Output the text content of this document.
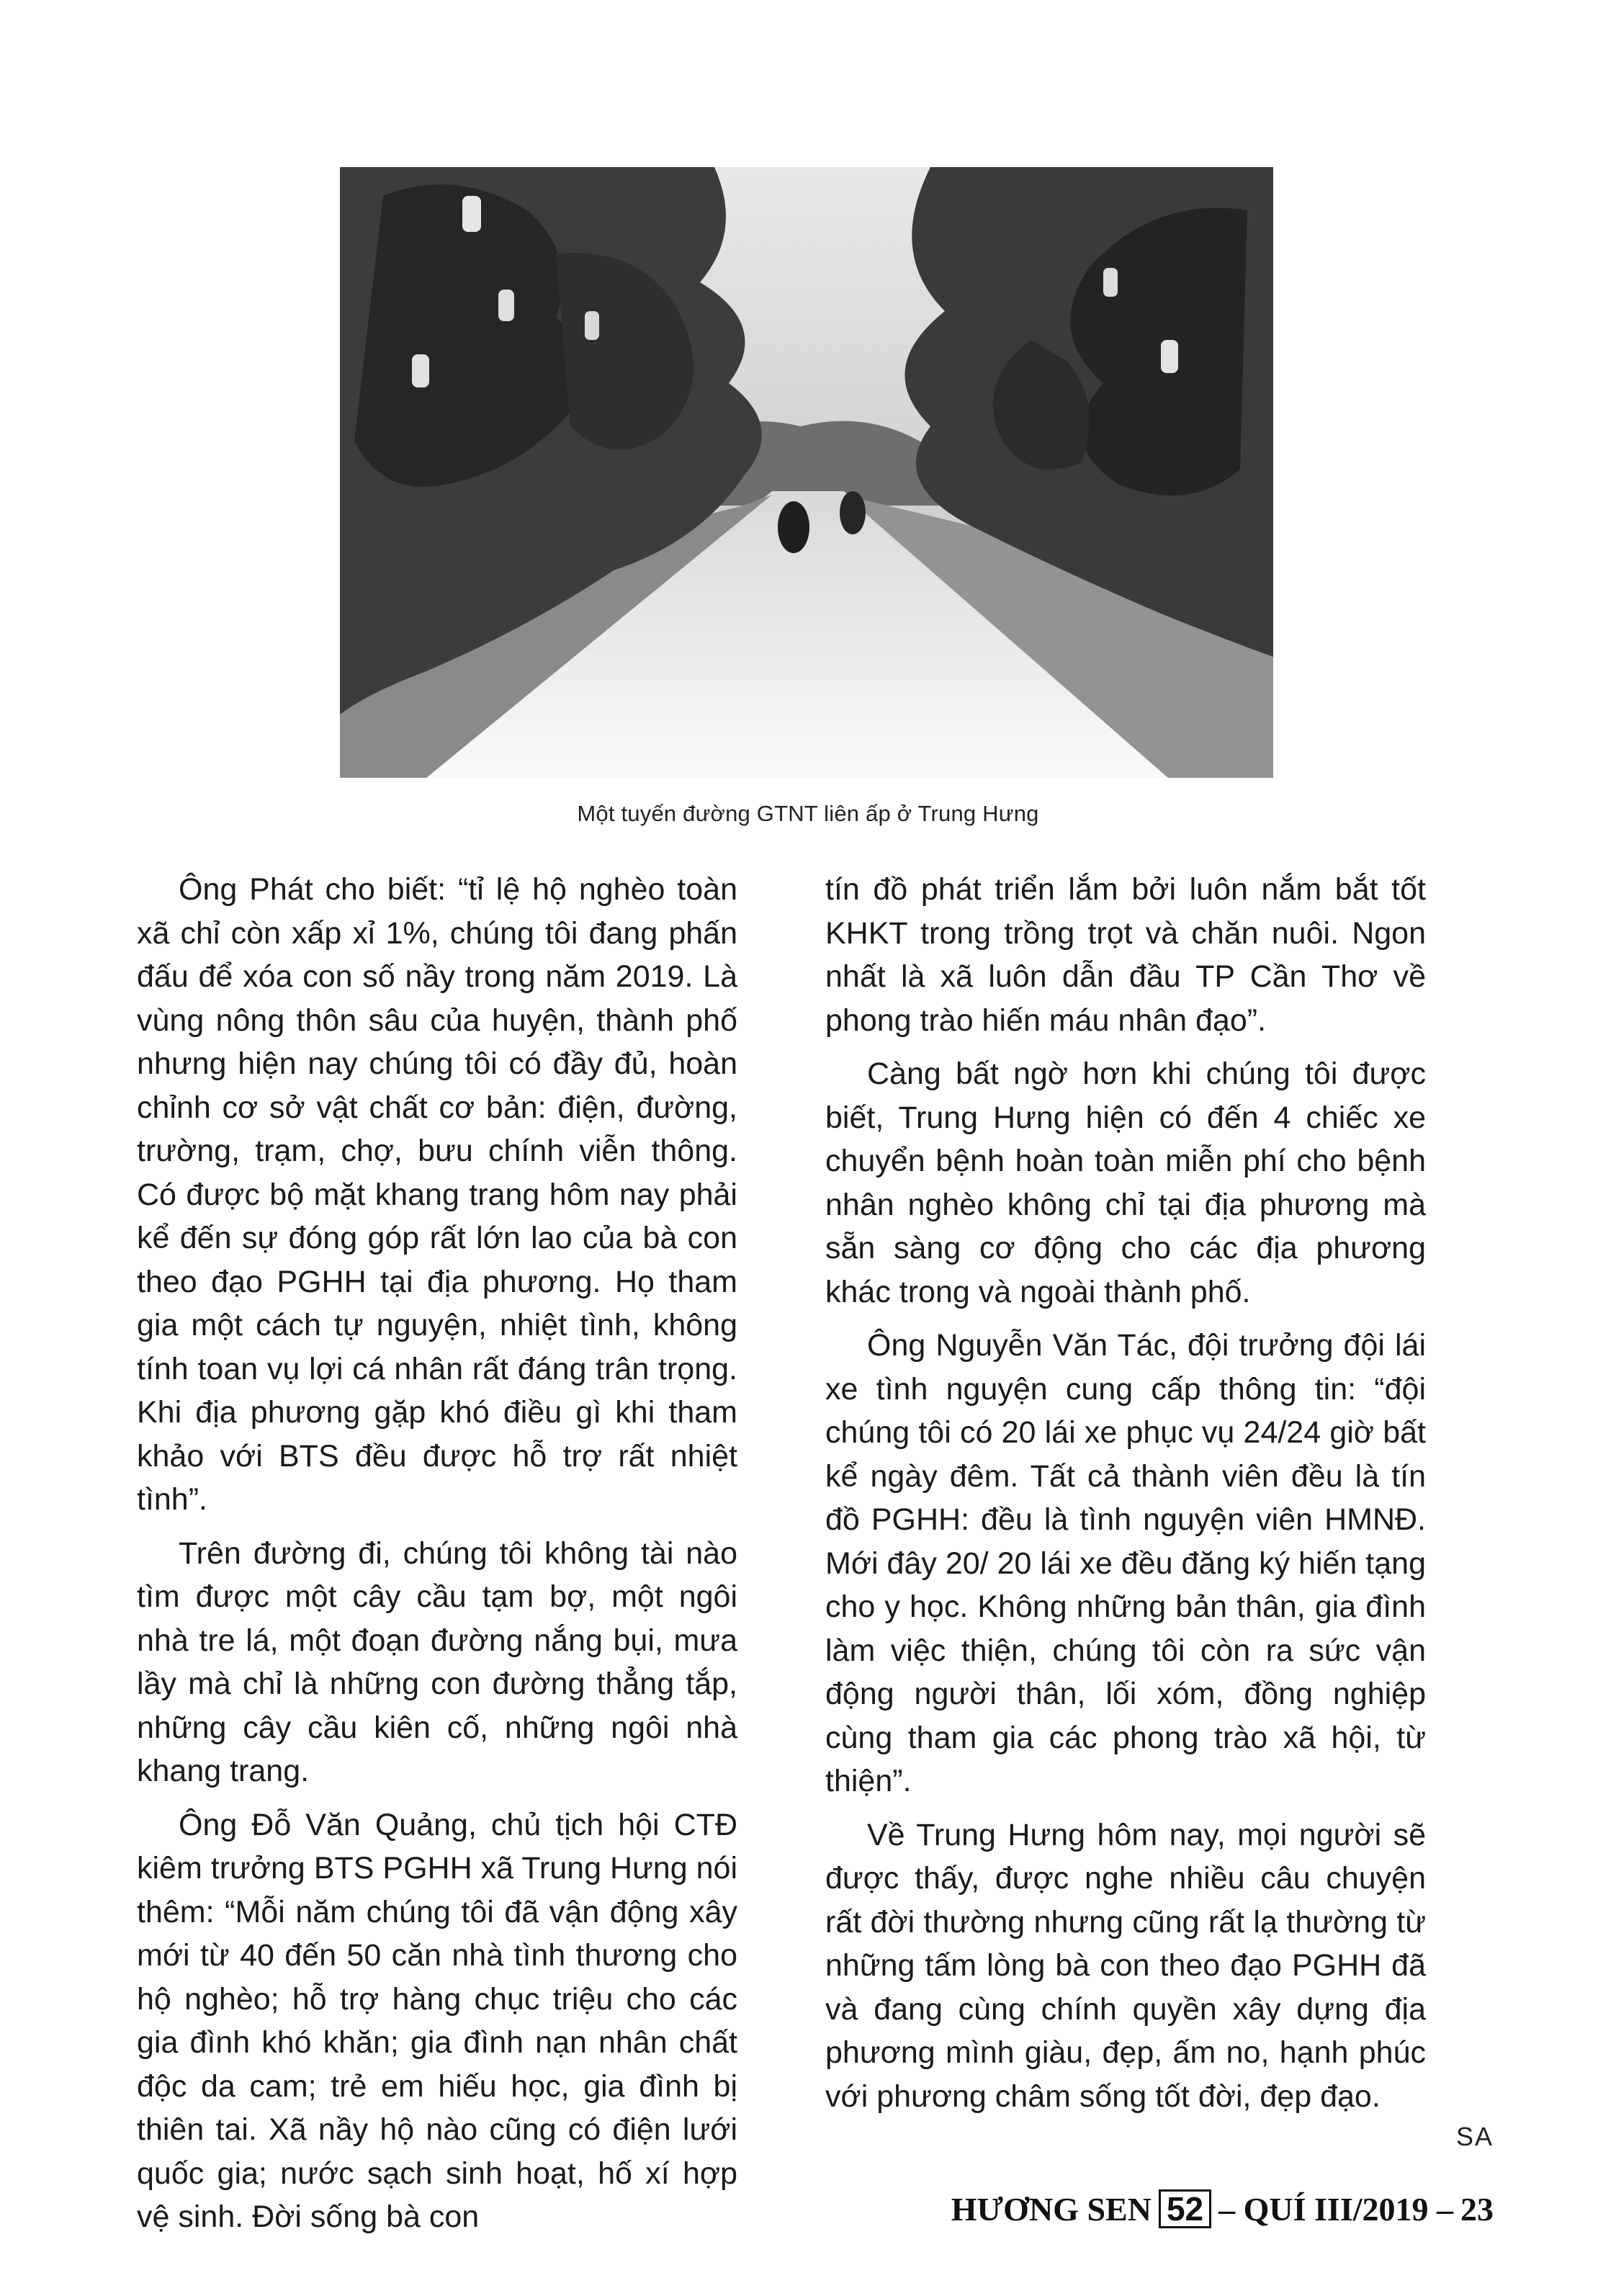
Một tuyến đường GTNT liên ấp ở Trung Hưng

Ông Phát cho biết: “tỉ lệ hộ nghèo toàn xã chỉ còn xấp xỉ 1%, chúng tôi đang phấn đấu để xóa con số nầy trong năm 2019. Là vùng nông thôn sâu của huyện, thành phố nhưng hiện nay chúng tôi có đầy đủ, hoàn chỉnh cơ sở vật chất cơ bản: điện, đường, trường, trạm, chợ, bưu chính viễn thông. Có được bộ mặt khang trang hôm nay phải kể đến sự đóng góp rất lớn lao của bà con theo đạo PGHH tại địa phương. Họ tham gia một cách tự nguyện, nhiệt tình, không tính toan vụ lợi cá nhân rất đáng trân trọng. Khi địa phương gặp khó điều gì khi tham khảo với BTS đều được hỗ trợ rất nhiệt tình”.

Trên đường đi, chúng tôi không tài nào tìm được một cây cầu tạm bợ, một ngôi nhà tre lá, một đoạn đường nắng bụi, mưa lầy mà chỉ là những con đường thẳng tắp, những cây cầu kiên cố, những ngôi nhà khang trang.

Ông Đỗ Văn Quảng, chủ tịch hội CTĐ kiêm trưởng BTS PGHH xã Trung Hưng nói thêm: “Mỗi năm chúng tôi đã vận động xây mới từ 40 đến 50 căn nhà tình thương cho hộ nghèo; hỗ trợ hàng chục triệu cho các gia đình khó khăn; gia đình nạn nhân chất độc da cam; trẻ em hiếu học, gia đình bị thiên tai. Xã nầy hộ nào cũng có điện lưới quốc gia; nước sạch sinh hoạt, hố xí hợp vệ sinh. Đời sống bà con

tín đồ phát triển lắm bởi luôn nắm bắt tốt KHKT trong trồng trọt và chăn nuôi. Ngon nhất là xã luôn dẫn đầu TP Cần Thơ về phong trào hiến máu nhân đạo”.

Càng bất ngờ hơn khi chúng tôi được biết, Trung Hưng hiện có đến 4 chiếc xe chuyển bệnh hoàn toàn miễn phí cho bệnh nhân nghèo không chỉ tại địa phương mà sẵn sàng cơ động cho các địa phương khác trong và ngoài thành phố.

Ông Nguyễn Văn Tác, đội trưởng đội lái xe tình nguyện cung cấp thông tin: “đội chúng tôi có 20 lái xe phục vụ 24/24 giờ bất kể ngày đêm. Tất cả thành viên đều là tín đồ PGHH: đều là tình nguyện viên HMNĐ. Mới đây 20/ 20 lái xe đều đăng ký hiến tạng cho y học. Không những bản thân, gia đình làm việc thiện, chúng tôi còn ra sức vận động người thân, lối xóm, đồng nghiệp cùng tham gia các phong trào xã hội, từ thiện”.

Về Trung Hưng hôm nay, mọi người sẽ được thấy, được nghe nhiều câu chuyện rất đời thường nhưng cũng rất lạ thường từ những tấm lòng bà con theo đạo PGHH đã và đang cùng chính quyền xây dựng địa phương mình giàu, đẹp, ấm no, hạnh phúc với phương châm sống tốt đời, đẹp đạo.

SA
HƯƠNG SEN 52 – QUÍ III/2019 – 23
